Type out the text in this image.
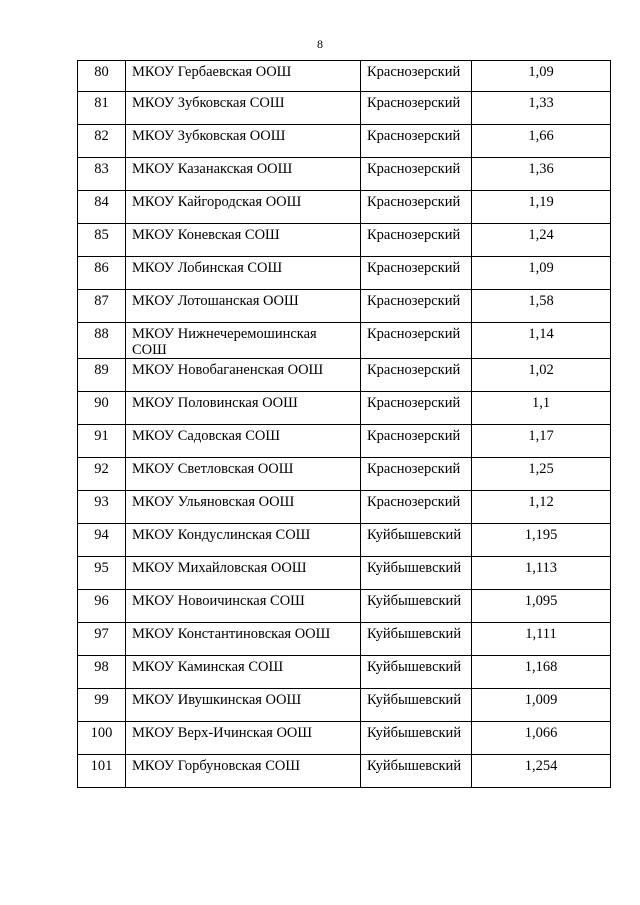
8
80	МКОУ Гербаевская ООШ	Краснозерский	1,09
81	МКОУ Зубковская СОШ	Краснозерский	1,33
82	МКОУ Зубковская ООШ	Краснозерский	1,66
83	МКОУ Казанакская ООШ	Краснозерский	1,36
84	МКОУ Кайгородская ООШ	Краснозерский	1,19
85	МКОУ Коневская СОШ	Краснозерский	1,24
86	МКОУ Лобинская СОШ	Краснозерский	1,09
87	МКОУ Лотошанская ООШ	Краснозерский	1,58
88	МКОУ Нижнечеремошинская СОШ	Краснозерский	1,14
89	МКОУ Новобаганенская ООШ	Краснозерский	1,02
90	МКОУ Половинская ООШ	Краснозерский	1,1
91	МКОУ Садовская СОШ	Краснозерский	1,17
92	МКОУ Светловская ООШ	Краснозерский	1,25
93	МКОУ Ульяновская ООШ	Краснозерский	1,12
94	МКОУ Кондуслинская СОШ	Куйбышевский	1,195
95	МКОУ Михайловская ООШ	Куйбышевский	1,113
96	МКОУ Новоичинская СОШ	Куйбышевский	1,095
97	МКОУ Константиновская ООШ	Куйбышевский	1,111
98	МКОУ Каминская СОШ	Куйбышевский	1,168
99	МКОУ Ивушкинская ООШ	Куйбышевский	1,009
100	МКОУ Верх-Ичинская ООШ	Куйбышевский	1,066
101	МКОУ Горбуновская СОШ	Куйбышевский	1,254
